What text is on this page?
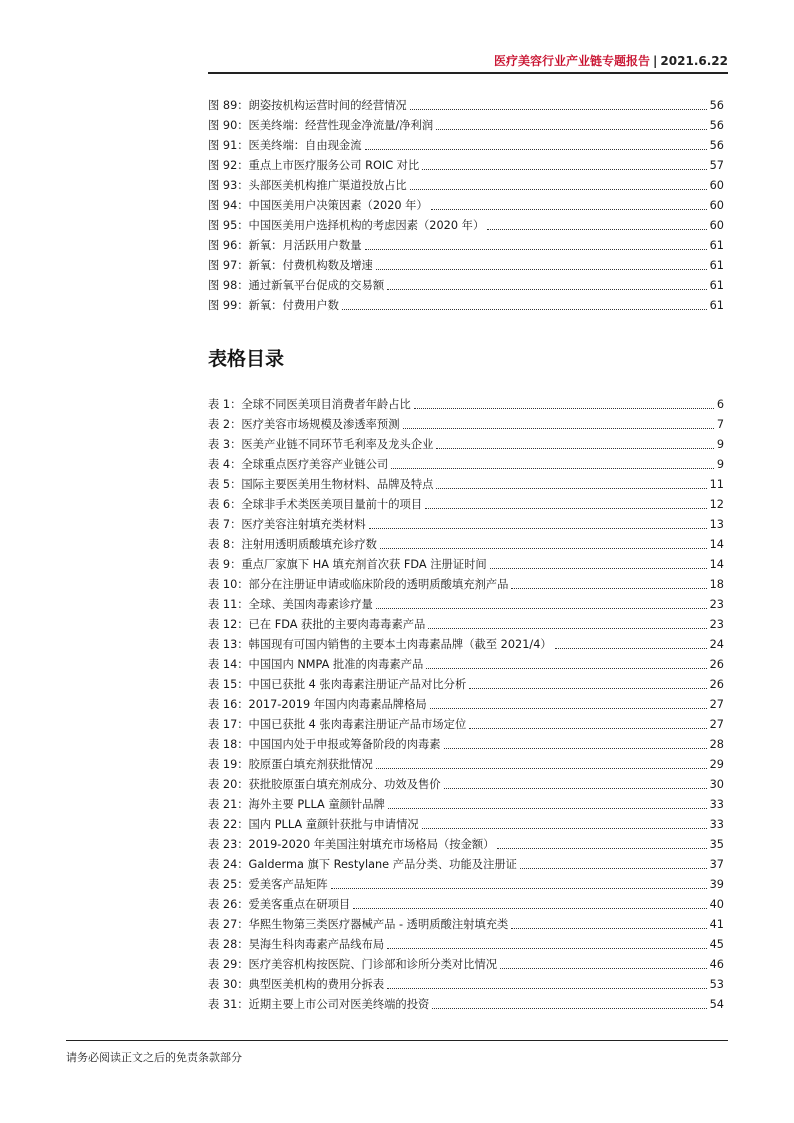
医疗美容行业产业链专题报告 | 2021.6.22
图 89：朗姿按机构运营时间的经营情况	56
图 90：医美终端：经营性现金净流量/净利润	56
图 91：医美终端：自由现金流	56
图 92：重点上市医疗服务公司 ROIC 对比	57
图 93：头部医美机构推广渠道投放占比	60
图 94：中国医美用户决策因素（2020 年）	60
图 95：中国医美用户选择机构的考虑因素（2020 年）	60
图 96：新氧：月活跃用户数量	61
图 97：新氧：付费机构数及增速	61
图 98：通过新氧平台促成的交易额	61
图 99：新氧：付费用户数	61
表格目录
表 1：全球不同医美项目消费者年龄占比	6
表 2：医疗美容市场规模及渗透率预测	7
表 3：医美产业链不同环节毛利率及龙头企业	9
表 4：全球重点医疗美容产业链公司	9
表 5：国际主要医美用生物材料、品牌及特点	11
表 6：全球非手术类医美项目量前十的项目	12
表 7：医疗美容注射填充类材料	13
表 8：注射用透明质酸填充诊疗数	14
表 9：重点厂家旗下 HA 填充剂首次获 FDA 注册证时间	14
表 10：部分在注册证申请或临床阶段的透明质酸填充剂产品	18
表 11：全球、美国肉毒素诊疗量	23
表 12：已在 FDA 获批的主要肉毒毒素产品	23
表 13：韩国现有可国内销售的主要本土肉毒素品牌（截至 2021/4）	24
表 14：中国国内 NMPA 批准的肉毒素产品	26
表 15：中国已获批 4 张肉毒素注册证产品对比分析	26
表 16：2017-2019 年国内肉毒素品牌格局	27
表 17：中国已获批 4 张肉毒素注册证产品市场定位	27
表 18：中国国内处于申报或筹备阶段的肉毒素	28
表 19：胶原蛋白填充剂获批情况	29
表 20：获批胶原蛋白填充剂成分、功效及售价	30
表 21：海外主要 PLLA 童颜针品牌	33
表 22：国内 PLLA 童颜针获批与申请情况	33
表 23：2019-2020 年美国注射填充市场格局（按金额）	35
表 24：Galderma 旗下 Restylane 产品分类、功能及注册证	37
表 25：爱美客产品矩阵	39
表 26：爱美客重点在研项目	40
表 27：华熙生物第三类医疗器械产品 - 透明质酸注射填充类	41
表 28：昊海生科肉毒素产品线布局	45
表 29：医疗美容机构按医院、门诊部和诊所分类对比情况	46
表 30：典型医美机构的费用分拆表	53
表 31：近期主要上市公司对医美终端的投资	54
请务必阅读正文之后的免责条款部分
